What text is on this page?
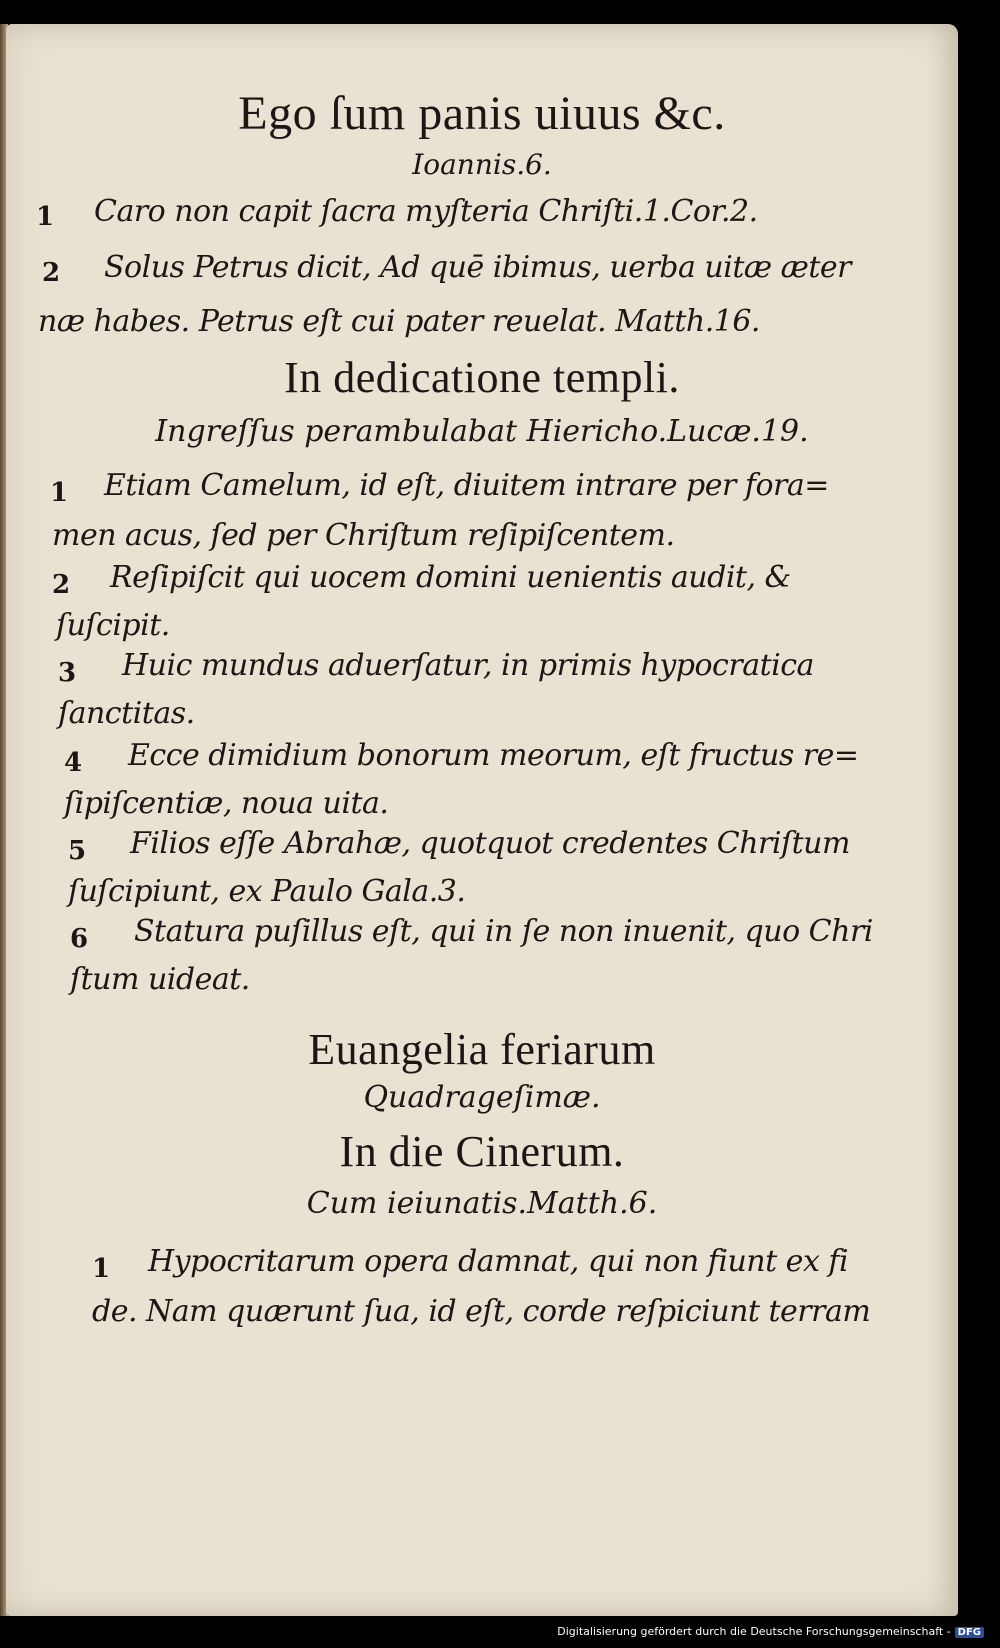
Ego ſum panis uiuus &c.
Ioannis.6.
1 Caro non capit ſacra myſteria Chriſti.1.Cor.2.
2 Solus Petrus dicit, Ad quē ibimus, uerba uitæ æter
næ habes. Petrus eſt cui pater reuelat. Matth.16.
In dedicatione templi.
Ingreſſus perambulabat Hiericho.Lucæ.19.
1 Etiam Camelum, id eſt, diuitem intrare per fora=
men acus, ſed per Chriſtum reſipiſcentem.
2 Reſipiſcit qui uocem domini uenientis audit, &
ſuſcipit.
3 Huic mundus aduerſatur, in primis hypocratica
ſanctitas.
4 Ecce dimidium bonorum meorum, eſt fructus re=
ſipiſcentiæ, noua uita.
5 Filios eſſe Abrahæ, quotquot credentes Chriſtum
ſuſcipiunt, ex Paulo Gala.3.
6 Statura puſillus eſt, qui in ſe non inuenit, quo Chri
ſtum uideat.
Euangelia feriarum
Quadrageſimæ.
In die Cinerum.
Cum ieiunatis.Matth.6.
1 Hypocritarum opera damnat, qui non fiunt ex fi
de. Nam quærunt ſua, id eſt, corde reſpiciunt terram
Digitalisierung gefördert durch die Deutsche Forschungsgemeinschaft - DFG
